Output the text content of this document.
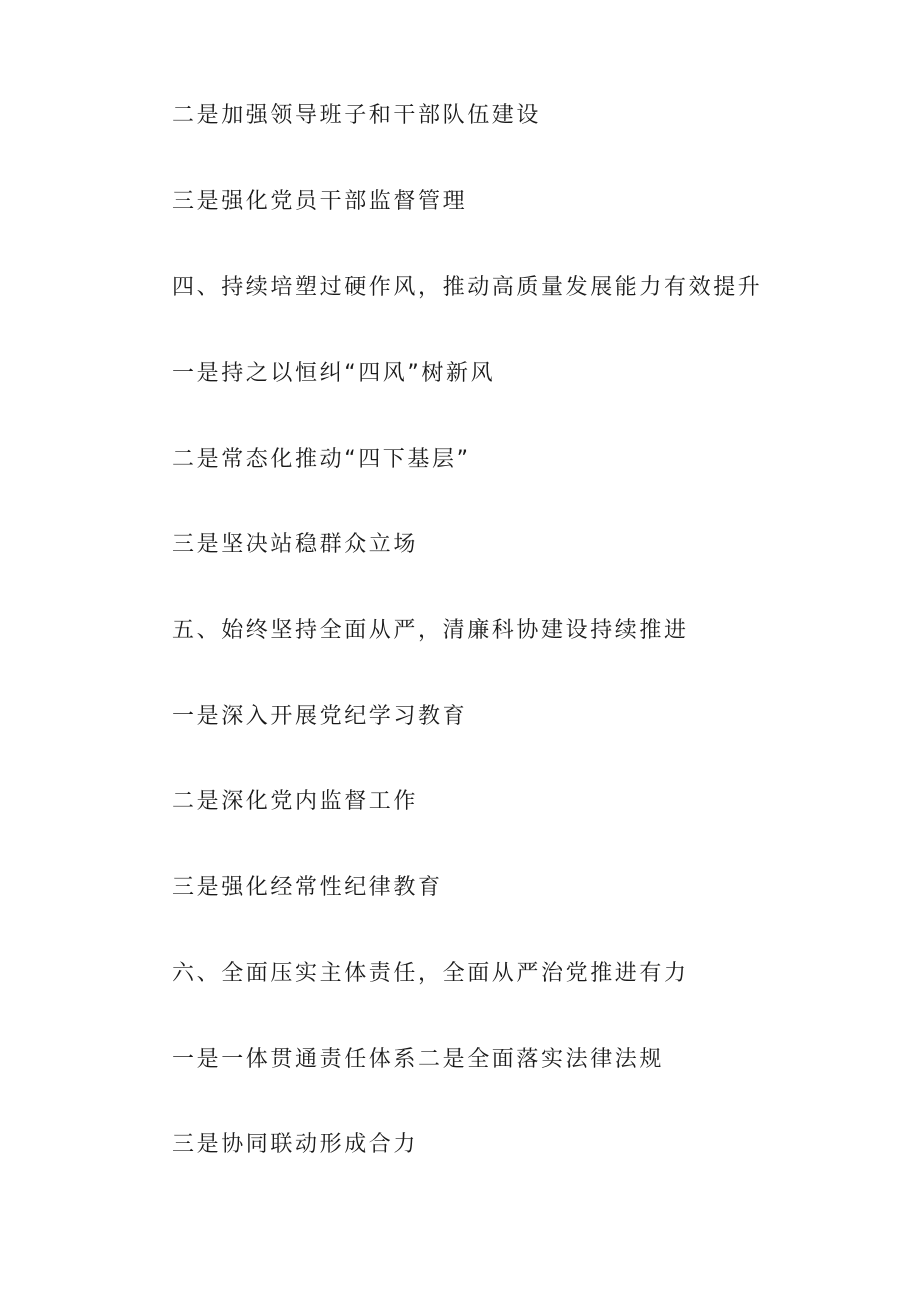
二是加强领导班子和干部队伍建设

三是强化党员干部监督管理

四、持续培塑过硬作风，推动高质量发展能力有效提升

一是持之以恒纠“四风”树新风

二是常态化推动“四下基层”

三是坚决站稳群众立场

五、始终坚持全面从严，清廉科协建设持续推进

一是深入开展党纪学习教育

二是深化党内监督工作

三是强化经常性纪律教育

六、全面压实主体责任，全面从严治党推进有力

一是一体贯通责任体系二是全面落实法律法规

三是协同联动形成合力
